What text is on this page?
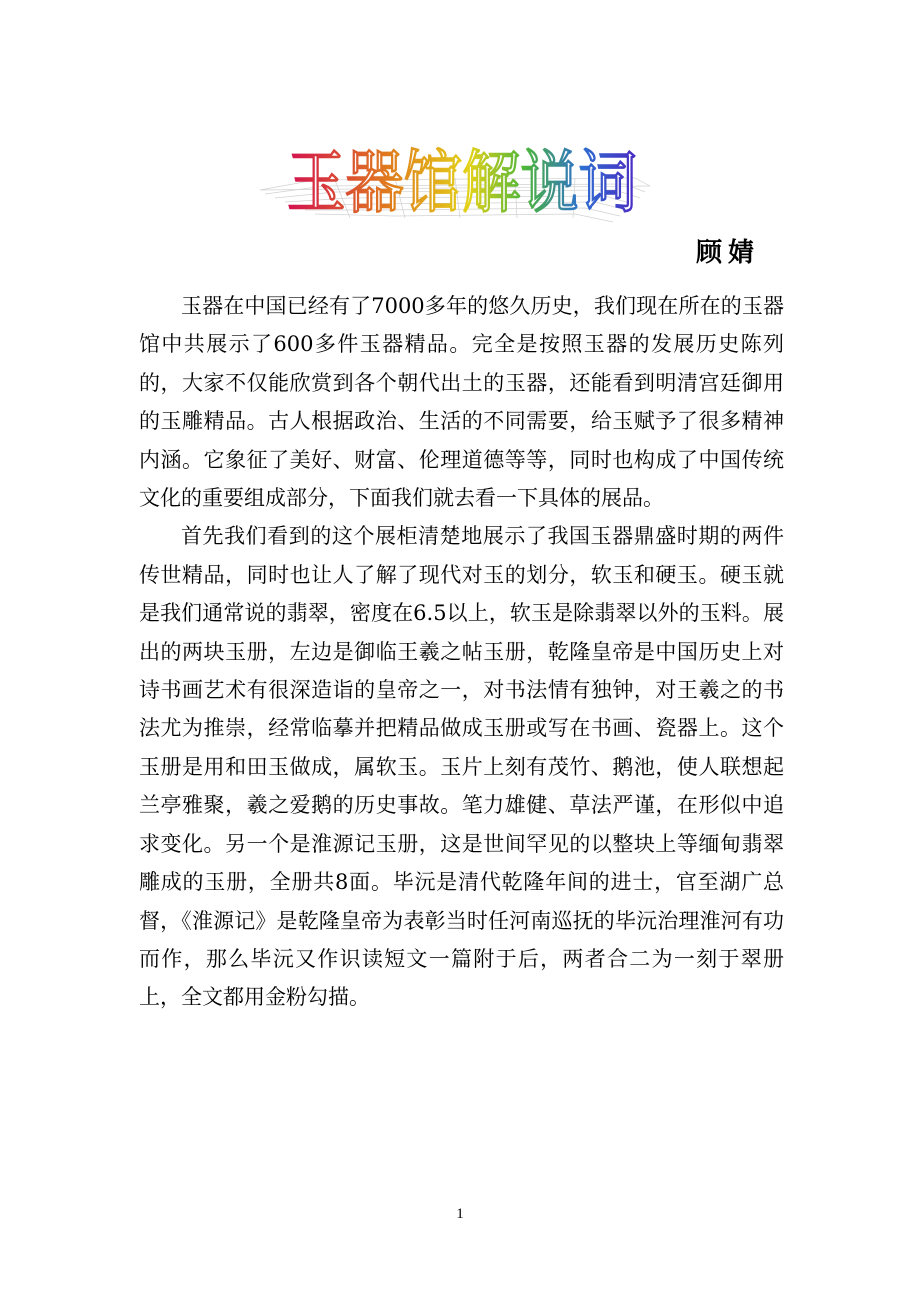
玉器馆解说词
顾婧

玉器在中国已经有了7000多年的悠久历史，我们现在所在的玉器馆中共展示了600多件玉器精品。完全是按照玉器的发展历史陈列的，大家不仅能欣赏到各个朝代出土的玉器，还能看到明清宫廷御用的玉雕精品。古人根据政治、生活的不同需要，给玉赋予了很多精神内涵。它象征了美好、财富、伦理道德等等，同时也构成了中国传统文化的重要组成部分，下面我们就去看一下具体的展品。

首先我们看到的这个展柜清楚地展示了我国玉器鼎盛时期的两件传世精品，同时也让人了解了现代对玉的划分，软玉和硬玉。硬玉就是我们通常说的翡翠，密度在6.5以上，软玉是除翡翠以外的玉料。展出的两块玉册，左边是御临王羲之帖玉册，乾隆皇帝是中国历史上对诗书画艺术有很深造诣的皇帝之一，对书法情有独钟，对王羲之的书法尤为推崇，经常临摹并把精品做成玉册或写在书画、瓷器上。这个玉册是用和田玉做成，属软玉。玉片上刻有茂竹、鹅池，使人联想起兰亭雅聚，羲之爱鹅的历史事故。笔力雄健、草法严谨，在形似中追求变化。另一个是淮源记玉册，这是世间罕见的以整块上等缅甸翡翠雕成的玉册，全册共8面。毕沅是清代乾隆年间的进士，官至湖广总督，《淮源记》是乾隆皇帝为表彰当时任河南巡抚的毕沅治理淮河有功而作，那么毕沅又作识读短文一篇附于后，两者合二为一刻于翠册上，全文都用金粉勾描。

1
